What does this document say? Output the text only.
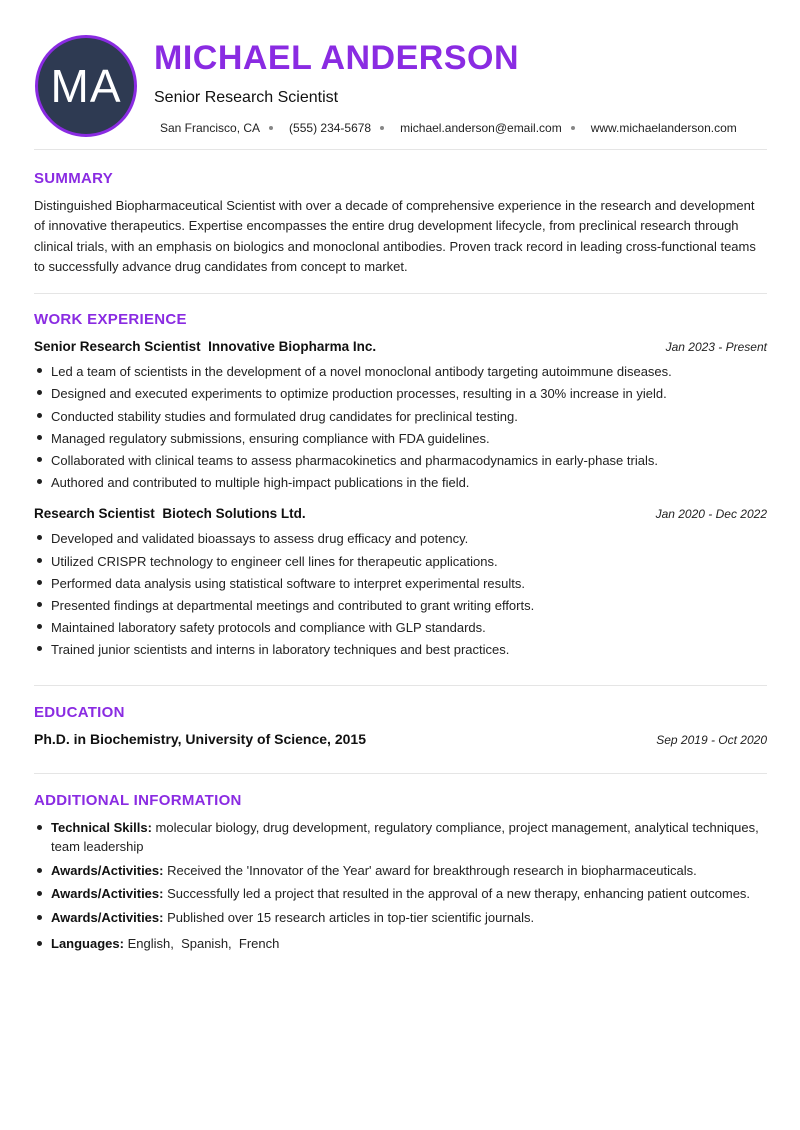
MA
MICHAEL ANDERSON
Senior Research Scientist
San Francisco, CA (555) 234-5678 michael.anderson@email.com www.michaelanderson.com
SUMMARY

Distinguished Biopharmaceutical Scientist with over a decade of comprehensive experience in the research and development of innovative therapeutics. Expertise encompasses the entire drug development lifecycle, from preclinical research through clinical trials, with an emphasis on biologics and monoclonal antibodies. Proven track record in leading cross-functional teams to successfully advance drug candidates from concept to market.

WORK EXPERIENCE
Senior Research Scientist Innovative Biopharma Inc.	Jan 2023 - Present
Led a team of scientists in the development of a novel monoclonal antibody targeting autoimmune diseases.
Designed and executed experiments to optimize production processes, resulting in a 30% increase in yield.
Conducted stability studies and formulated drug candidates for preclinical testing.
Managed regulatory submissions, ensuring compliance with FDA guidelines.
Collaborated with clinical teams to assess pharmacokinetics and pharmacodynamics in early-phase trials.
Authored and contributed to multiple high-impact publications in the field.
Research Scientist Biotech Solutions Ltd.	Jan 2020 - Dec 2022
Developed and validated bioassays to assess drug efficacy and potency.
Utilized CRISPR technology to engineer cell lines for therapeutic applications.
Performed data analysis using statistical software to interpret experimental results.
Presented findings at departmental meetings and contributed to grant writing efforts.
Maintained laboratory safety protocols and compliance with GLP standards.
Trained junior scientists and interns in laboratory techniques and best practices.
EDUCATION
Ph.D. in Biochemistry, University of Science, 2015	Sep 2019 - Oct 2020
ADDITIONAL INFORMATION
Technical Skills: molecular biology, drug development, regulatory compliance, project management, analytical techniques, team leadership
Awards/Activities: Received the 'Innovator of the Year' award for breakthrough research in biopharmaceuticals.
Awards/Activities: Successfully led a project that resulted in the approval of a new therapy, enhancing patient outcomes.
Awards/Activities: Published over 15 research articles in top-tier scientific journals.
Languages: English,  Spanish,  French
